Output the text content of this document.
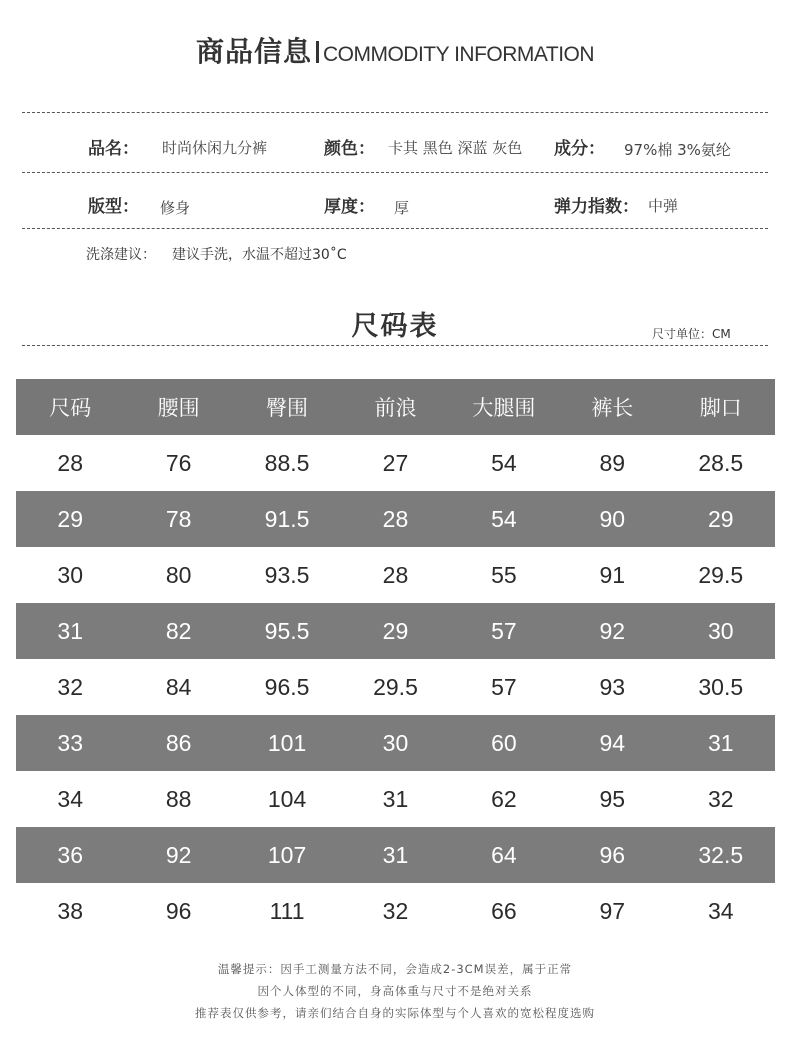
商品信息 COMMODITY INFORMATION
品名： 时尚休闲九分裤	颜色： 卡其 黑色 深蓝 灰色 成分： 97%棉 3%氨纶
版型： 修身	厚度： 厚	弹力指数： 中弹
洗涤建议： 建议手洗，水温不超过30˚C
尺码表	尺寸单位：CM
尺码	腰围	臀围	前浪	大腿围	裤长	脚口
28	76	88.5	27	54	89	28.5
29	78	91.5	28	54	90	29
30	80	93.5	28	55	91	29.5
31	82	95.5	29	57	92	30
32	84	96.5	29.5	57	93	30.5
33	86	101	30	60	94	31
34	88	104	31	62	95	32
36	92	107	31	64	96	32.5
38	96	111	32	66	97	34
温馨提示：因手工测量方法不同，会造成2-3CM误差，属于正常
因个人体型的不同，身高体重与尺寸不是绝对关系
推荐表仅供参考，请亲们结合自身的实际体型与个人喜欢的宽松程度选购
